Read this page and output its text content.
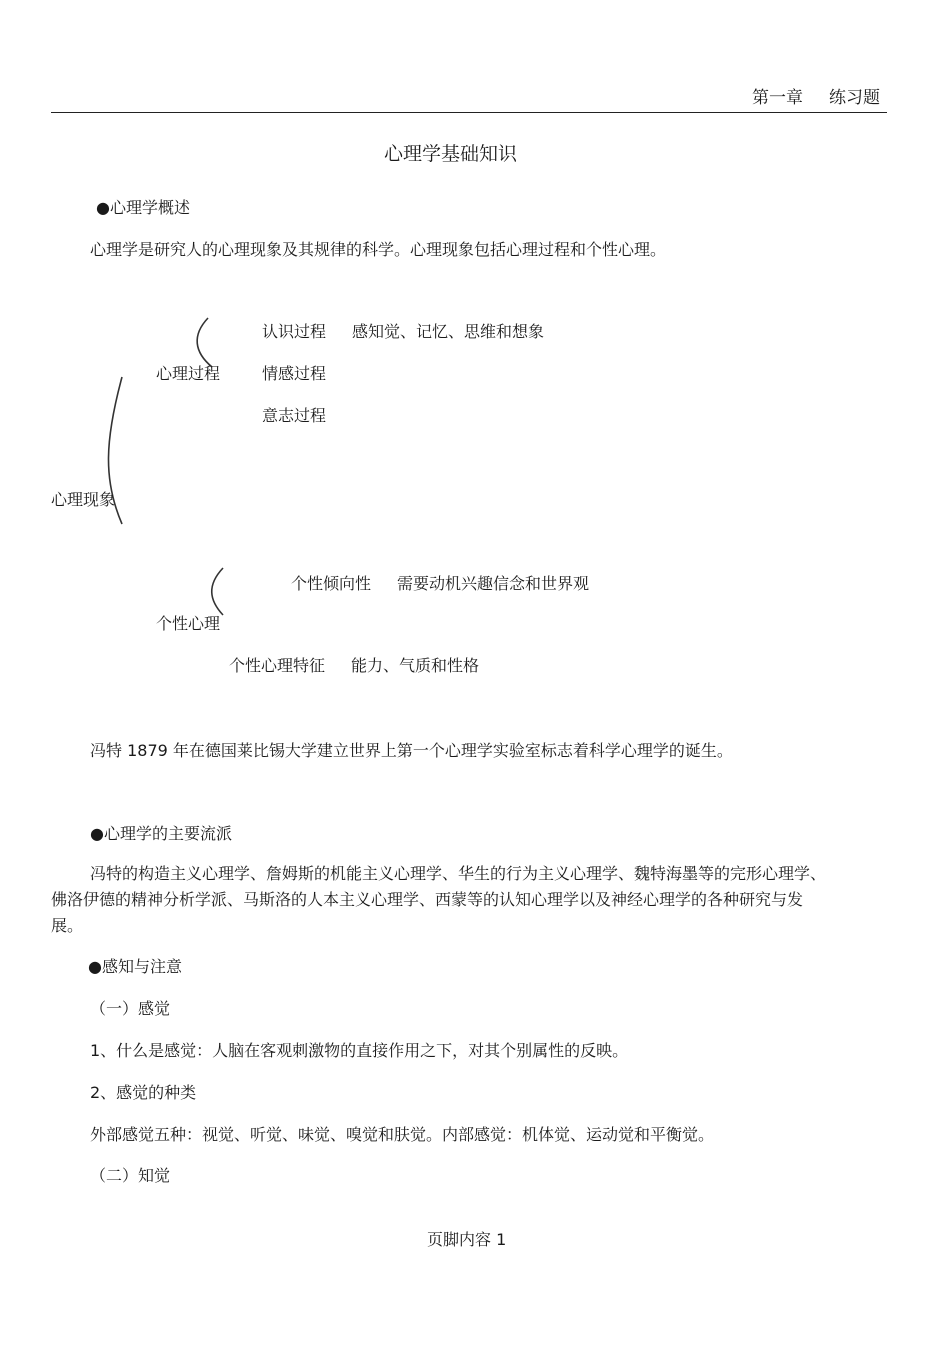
第一章 练习题
心理学基础知识
●心理学概述
心理学是研究人的心理现象及其规律的科学。心理现象包括心理过程和个性心理。
心理现象
心理过程
认识过程 感知觉、记忆、思维和想象
情感过程
意志过程
个性心理
个性倾向性 需要动机兴趣信念和世界观
个性心理特征 能力、气质和性格
冯特 1879 年在德国莱比锡大学建立世界上第一个心理学实验室标志着科学心理学的诞生。
●心理学的主要流派
冯特的构造主义心理学、詹姆斯的机能主义心理学、华生的行为主义心理学、魏特海墨等的完形心理学、佛洛伊德的精神分析学派、马斯洛的人本主义心理学、西蒙等的认知心理学以及神经心理学的各种研究与发展。
●感知与注意
（一）感觉
1、什么是感觉：人脑在客观刺激物的直接作用之下，对其个别属性的反映。
2、感觉的种类
外部感觉五种：视觉、听觉、味觉、嗅觉和肤觉。内部感觉：机体觉、运动觉和平衡觉。
（二）知觉
页脚内容 1
